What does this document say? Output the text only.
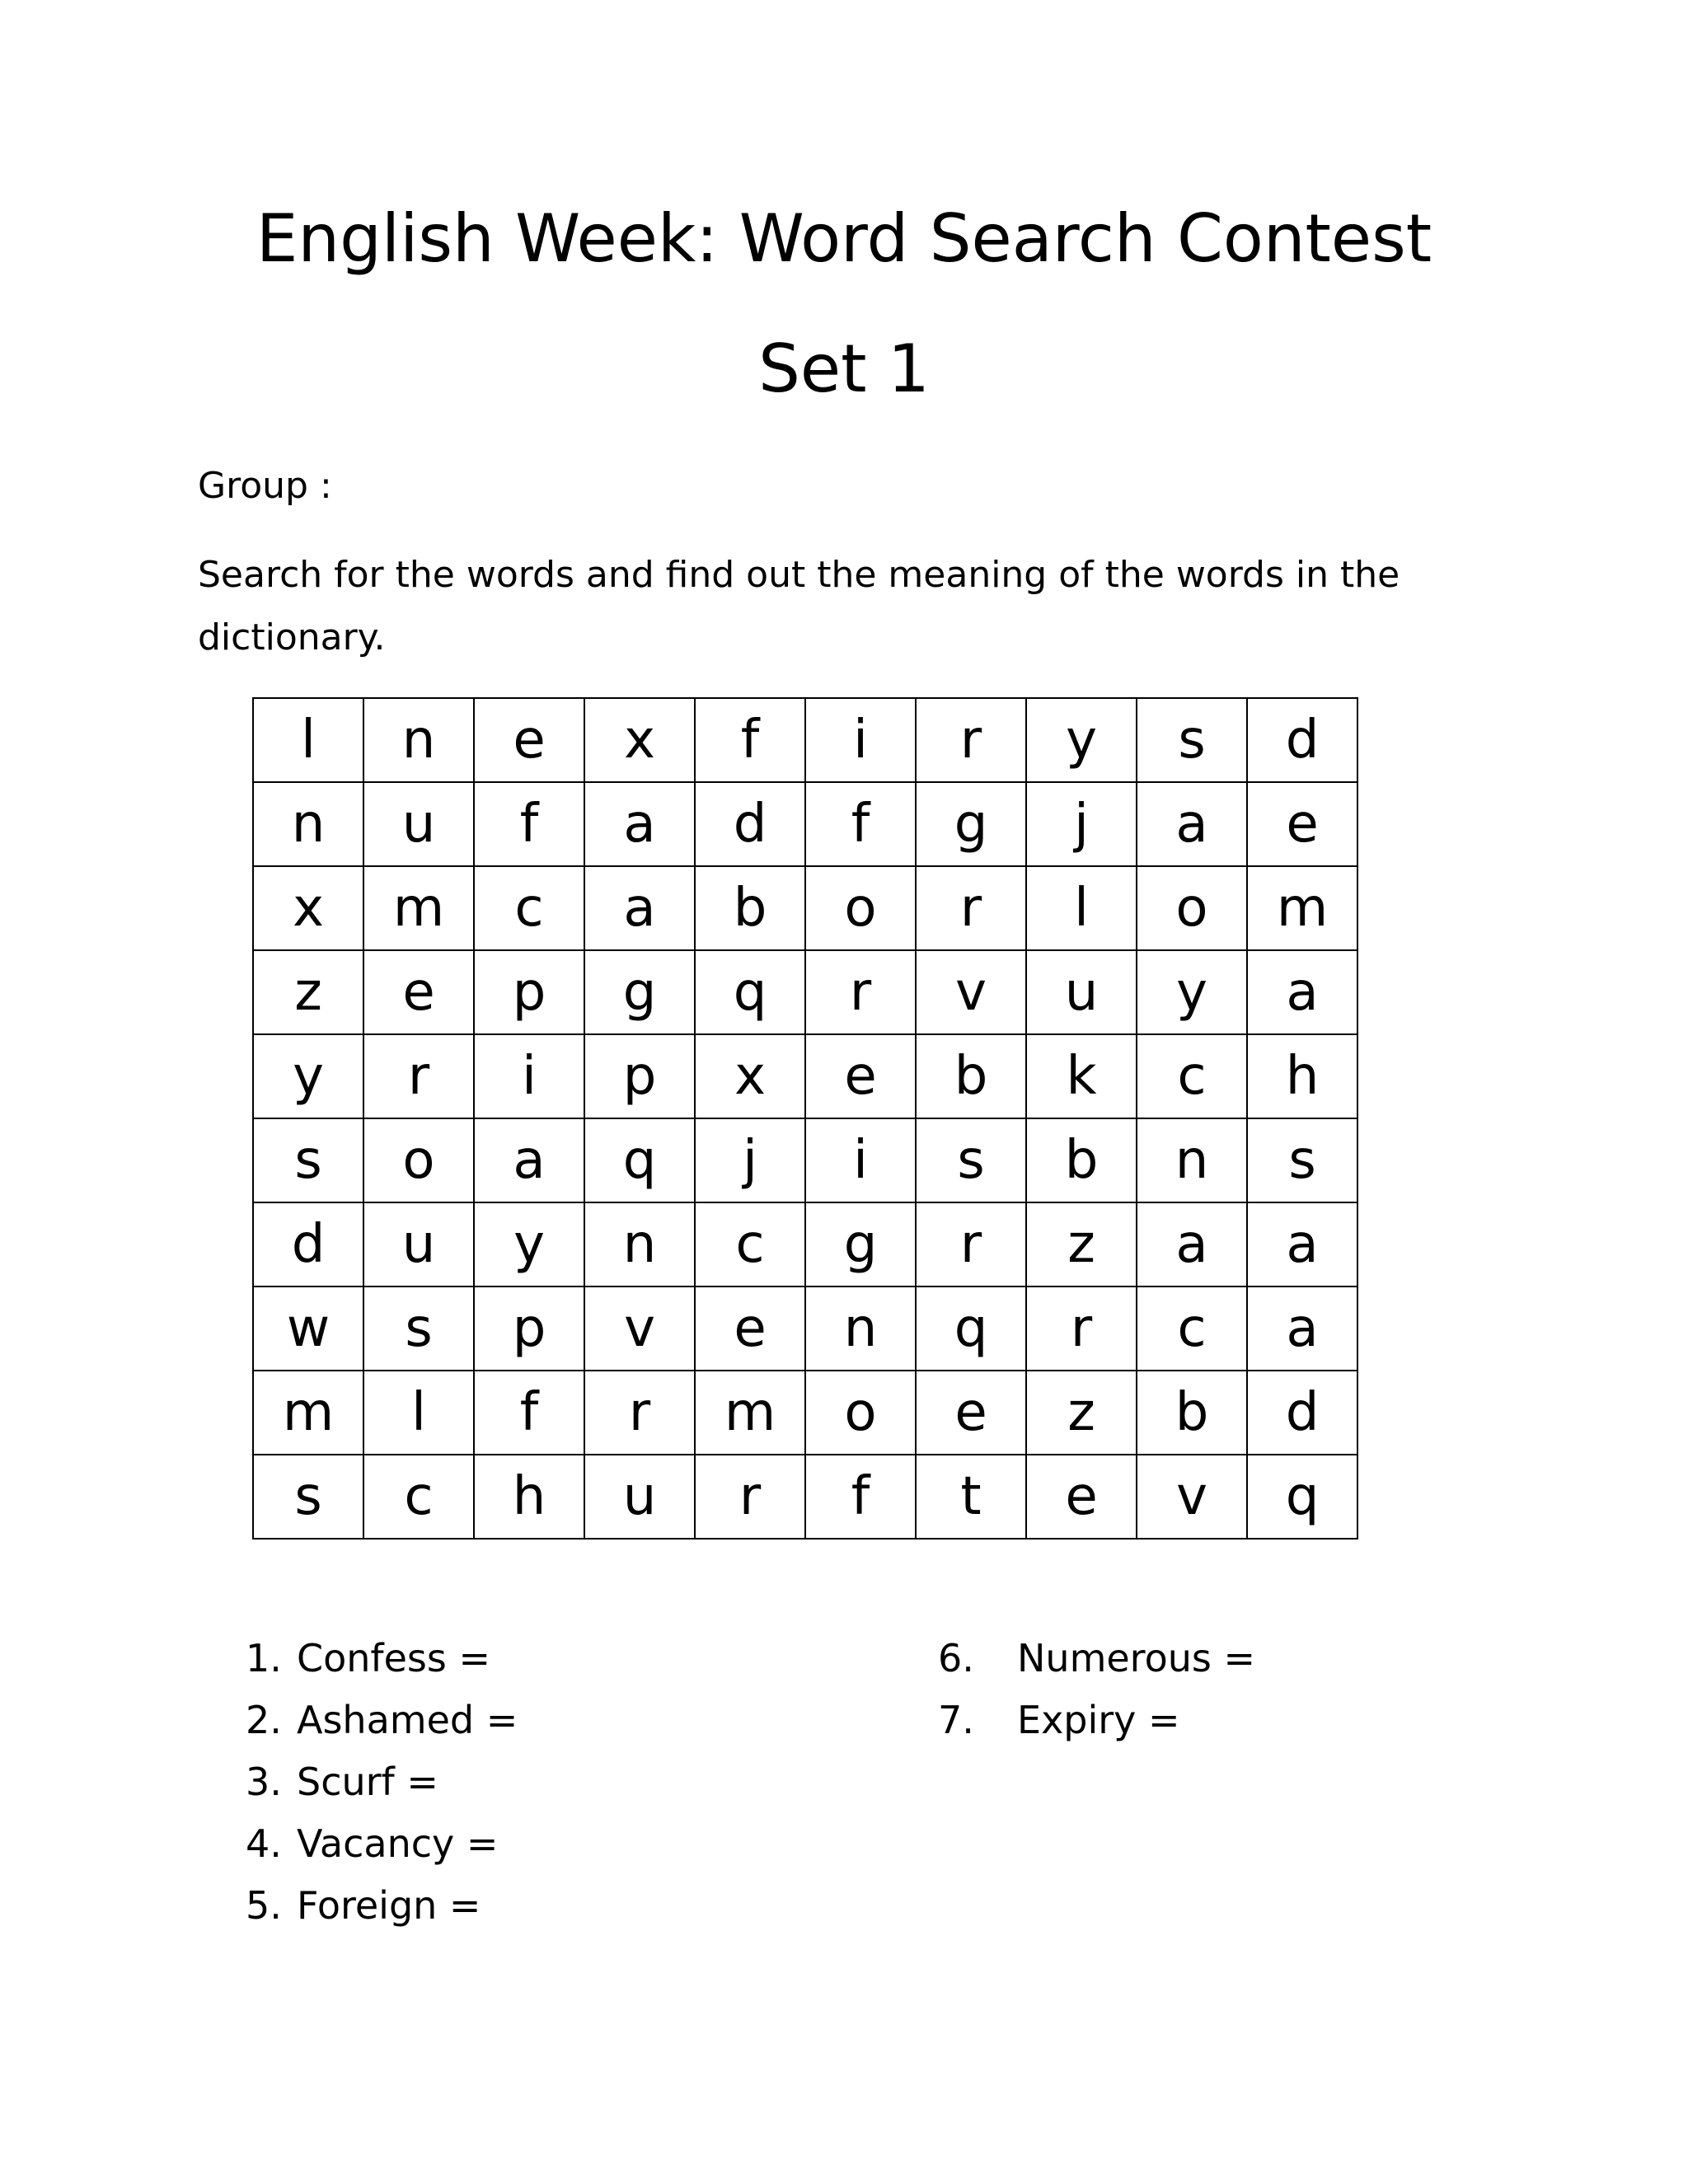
English Week: Word Search Contest
Set 1
Group :

Search for the words and find out the meaning of the words in the dictionary.

l	n	e	x	f	i	r	y	s	d
n	u	f	a	d	f	g	j	a	e
x	m	c	a	b	o	r	l	o	m
z	e	p	g	q	r	v	u	y	a
y	r	i	p	x	e	b	k	c	h
s	o	a	q	j	i	s	b	n	s
d	u	y	n	c	g	r	z	a	a
w	s	p	v	e	n	q	r	c	a
m	l	f	r	m	o	e	z	b	d
s	c	h	u	r	f	t	e	v	q
1. Confess =
2. Ashamed =
3. Scurf =
4. Vacancy =
5. Foreign =
6.	Numerous =
7.	Expiry =
